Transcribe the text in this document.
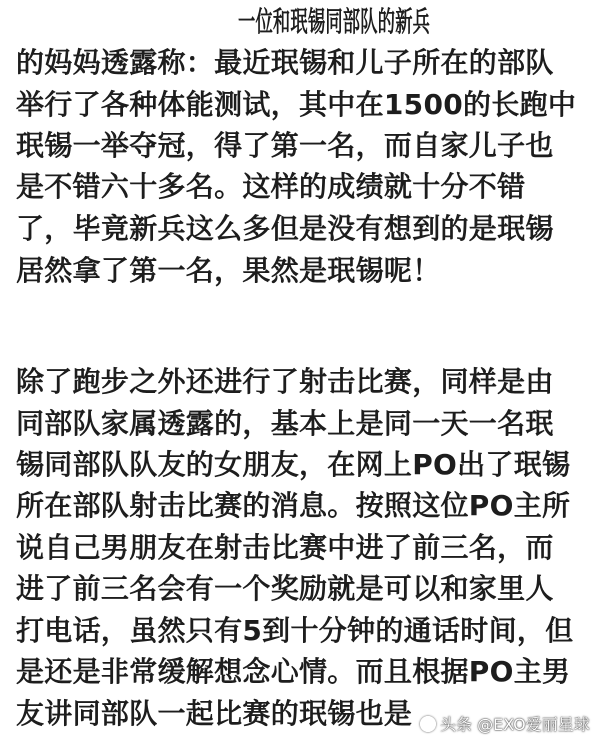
一位和珉锡同部队的新兵
的妈妈透露称：最近珉锡和儿子所在的部队
举行了各种体能测试，其中在1500的长跑中
珉锡一举夺冠，得了第一名，而自家儿子也
是不错六十多名。这样的成绩就十分不错
了，毕竟新兵这么多但是没有想到的是珉锡
居然拿了第一名，果然是珉锡呢！
除了跑步之外还进行了射击比赛，同样是由
同部队家属透露的，基本上是同一天一名珉
锡同部队队友的女朋友，在网上PO出了珉锡
所在部队射击比赛的消息。按照这位PO主所
说自己男朋友在射击比赛中进了前三名，而
进了前三名会有一个奖励就是可以和家里人
打电话，虽然只有5到十分钟的通话时间，但
是还是非常缓解想念心情。而且根据PO主男
友讲同部队一起比赛的珉锡也是	头条 @EXO爱丽星球
